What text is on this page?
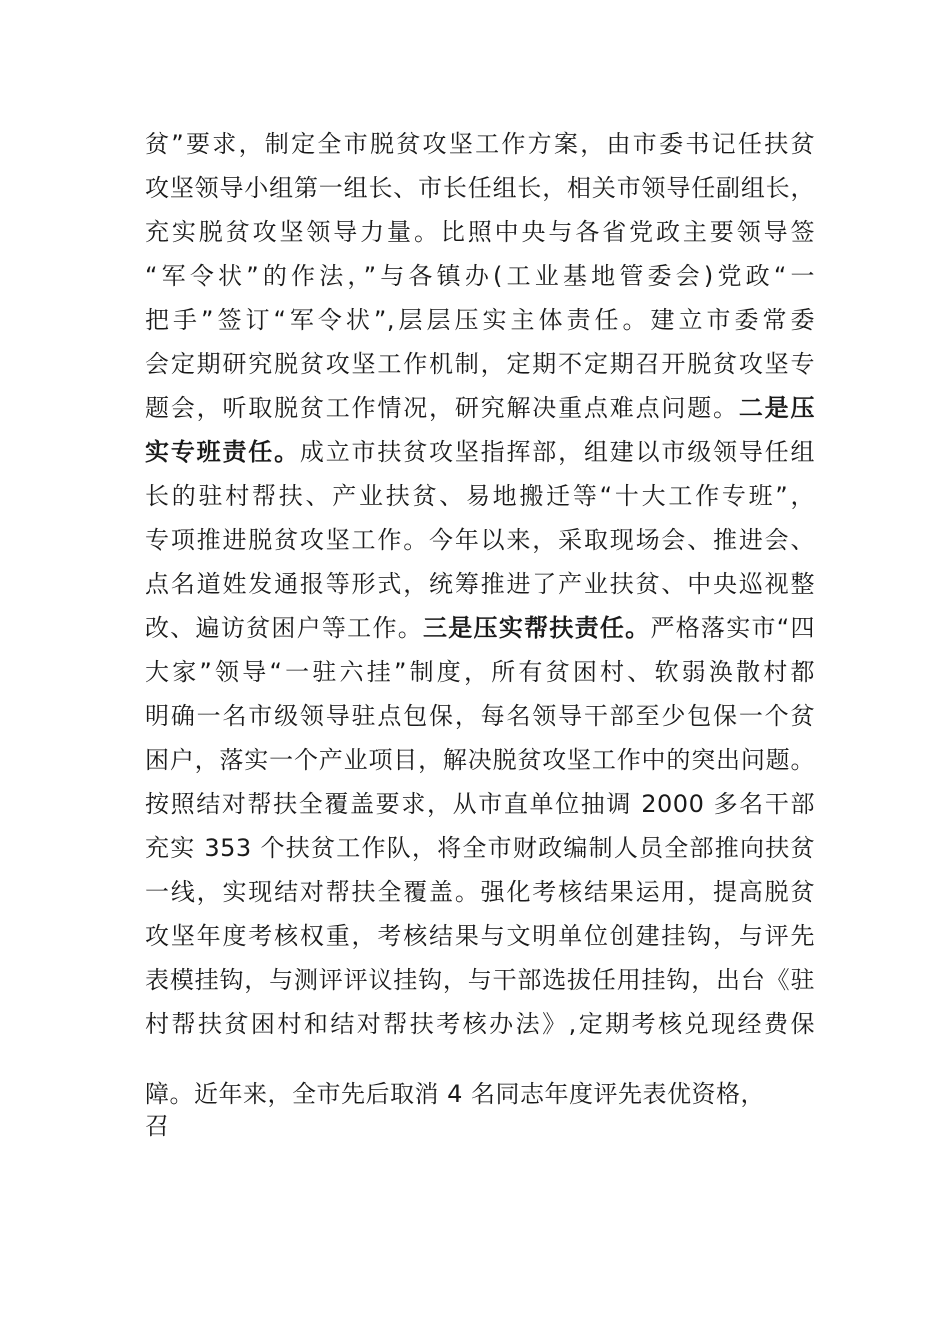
贫”要求，制定全市脱贫攻坚工作方案，由市委书记任扶贫
攻坚领导小组第一组长、市长任组长，相关市领导任副组长，
充实脱贫攻坚领导力量。比照中央与各省党政主要领导签
“军令状”的作法，”与各镇办(工业基地管委会)党政“一
把手”签订“军令状”,层层压实主体责任。建立市委常委
会定期研究脱贫攻坚工作机制，定期不定期召开脱贫攻坚专
题会，听取脱贫工作情况，研究解决重点难点问题。二是压
实专班责任。成立市扶贫攻坚指挥部，组建以市级领导任组
长的驻村帮扶、产业扶贫、易地搬迁等“十大工作专班”，
专项推进脱贫攻坚工作。今年以来，采取现场会、推进会、
点名道姓发通报等形式，统筹推进了产业扶贫、中央巡视整
改、遍访贫困户等工作。三是压实帮扶责任。严格落实市“四
大家”领导“一驻六挂”制度，所有贫困村、软弱涣散村都
明确一名市级领导驻点包保，每名领导干部至少包保一个贫
困户，落实一个产业项目，解决脱贫攻坚工作中的突出问题。
按照结对帮扶全覆盖要求，从市直单位抽调 2000 多名干部
充实 353 个扶贫工作队，将全市财政编制人员全部推向扶贫
一线，实现结对帮扶全覆盖。强化考核结果运用，提高脱贫
攻坚年度考核权重，考核结果与文明单位创建挂钩，与评先
表模挂钩，与测评评议挂钩，与干部选拔任用挂钩，出台《驻
村帮扶贫困村和结对帮扶考核办法》,定期考核兑现经费保
障。近年来，全市先后取消 4 名同志年度评先表优资格，
召
